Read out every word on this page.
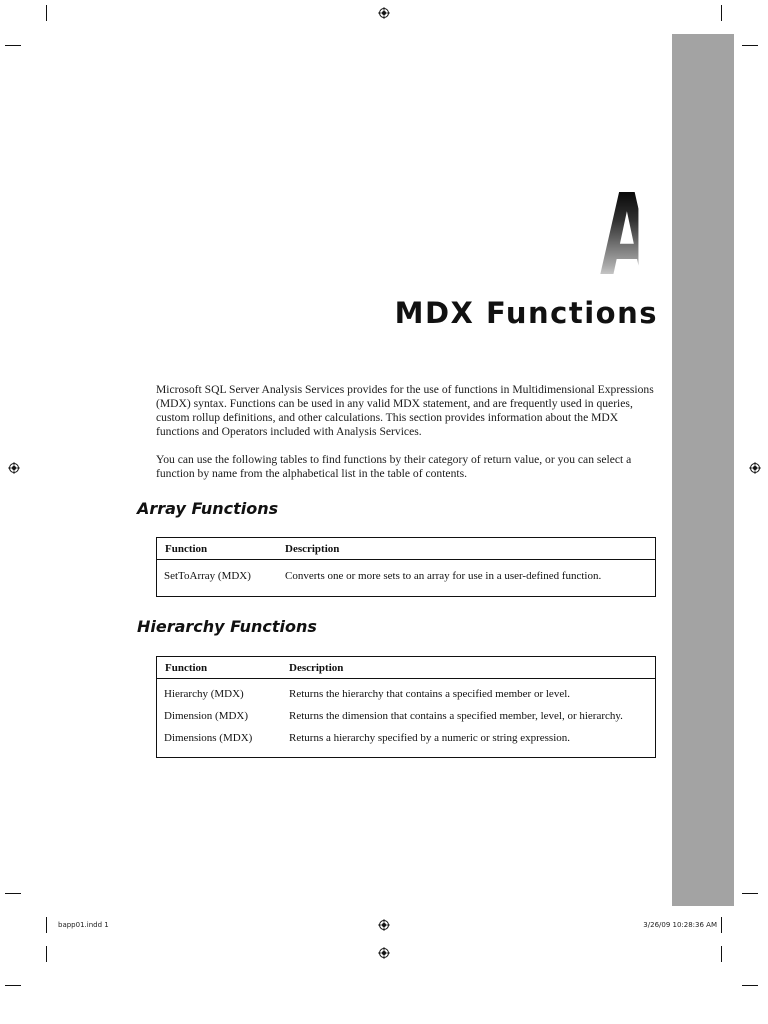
A
MDX Functions
Microsoft SQL Server Analysis Services provides for the use of functions in Multidimensional Expressions (MDX) syntax. Functions can be used in any valid MDX statement, and are frequently used in queries, custom rollup definitions, and other calculations. This section provides information about the MDX functions and Operators included with Analysis Services.
You can use the following tables to find functions by their category of return value, or you can select a function by name from the alphabetical list in the table of contents.
Array Functions
Function	Description
SetToArray (MDX)	Converts one or more sets to an array for use in a user-defined function.
Hierarchy Functions
Function	Description
Hierarchy (MDX)	Returns the hierarchy that contains a specified member or level.
Dimension (MDX)	Returns the dimension that contains a specified member, level, or hierarchy.
Dimensions (MDX)	Returns a hierarchy specified by a numeric or string expression.
bapp01.indd 1	3/26/09 10:28:36 AM
